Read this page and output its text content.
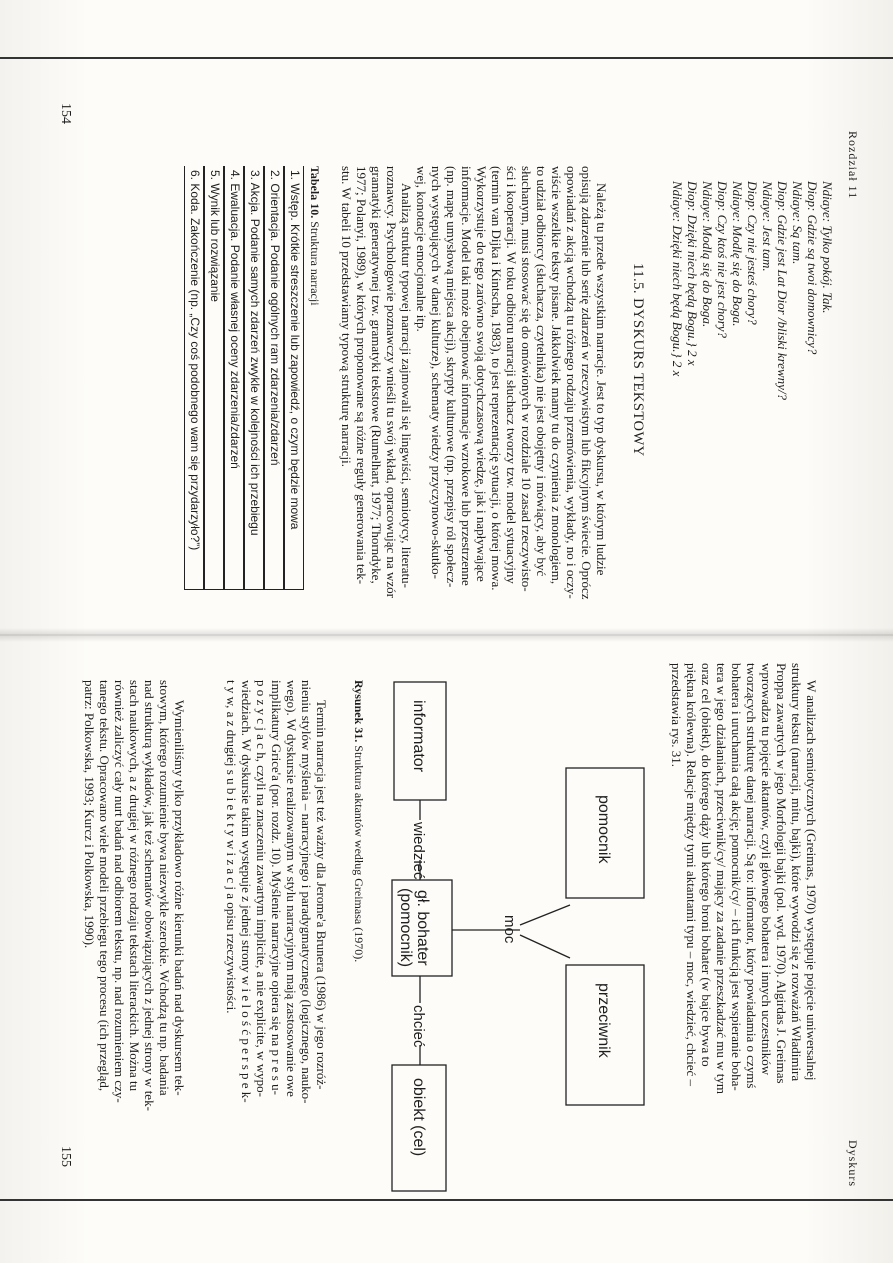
Rozdział 11
Dyskurs
154
155
Ndiaye: Tylko pokój. Tak.
Diop: Gdzie są twoi domownicy?
Ndiaye: Są tam.
Diop: Gdzie jest Lat Dior /bliski krewny/?
Ndiaye: Jest tam.
Diop: Czy nie jesteś chory?
Ndiaye: Modlę się do Boga.
Diop: Czy ktoś nie jest chory?
Ndiaye: Modlą się do Boga.
Diop: Dzięki niech będą Bogu.} 2 x
Ndiaye: Dzięki niech będą Bogu.} 2 x
11.5. DYSKURS TEKSTOWY
Należą tu przede wszystkim narracje. Jest to typ dyskursu, w którym ludzie
opisują zdarzenie lub serię zdarzeń w rzeczywistym lub fikcyjnym świecie. Oprócz
opowiadań z akcją wchodzą tu różnego rodzaju przemówienia, wykłady, no i oczy-
wiście wszelkie teksty pisane. Jakkolwiek mamy tu do czynienia z monologiem,
to udział odbiorcy (słuchacza, czytelnika) nie jest obojętny i mówiący, aby być
słuchanym, musi stosować się do omówionych w rozdziale 10 zasad rzeczywisto-
ści i kooperacji. W toku odbioru narracji słuchacz tworzy tzw. model sytuacyjny
(termin van Dijka i Kintscha, 1983), to jest reprezentację sytuacji, o której mowa.
Wykorzystuje do tego zarówno swoją dotychczasową wiedzę, jak i napływające
informacje. Model taki może obejmować informacje wzrokowe lub przestrzenne
(np. mapę umysłową miejsca akcji), skrypty kulturowe (np. przepisy ról społecz-
nych występujących w danej kulturze), schematy wiedzy przyczynowo-skutko-
wej, konotacje emocjonalne itp.
Analizą struktur typowej narracji zajmowali się lingwiści, semiotycy, literatu-
roznawcy. Psychologowie poznawczy wnieśli tu swój wkład, opracowując na wzór
gramatyki generatywnej tzw. gramatyki tekstowe (Rumelhart, 1977; Thorndyke,
1977; Polanyi, 1989), w których proponowane są różne reguły generowania tek-
stu. W tabeli 10 przedstawiamy typową strukturę narracji.
Tabela 10. Struktura narracji
1. Wstęp. Krótkie streszczenie lub zapowiedź, o czym będzie mowa
2. Orientacja. Podanie ogólnych ram zdarzenia/zdarzeń
3. Akcja. Podanie samych zdarzeń zwykle w kolejności ich przebiegu
4. Ewaluacja. Podanie własnej oceny zdarzenia/zdarzeń
5. Wynik lub rozwiązanie
6. Koda. Zakończenie (np. „Czy coś podobnego wam się przydarzyło?”)
W analizach semiotycznych (Greimas, 1970) występuje pojęcie uniwersalnej
struktury tekstu (narracji, mitu, bajki), które wywodzi się z rozważań Władimira
Proppa zawartych w jego Morfologii bajki (pol. wyd. 1970). Algirdas J. Greimas
wprowadza tu pojęcie aktantów, czyli głównego bohatera i innych uczestników
tworzących strukturę danej narracji. Są to: informator, który powiadamia o czymś
bohatera i uruchamia całą akcję; pomocnik/cy/ – ich funkcją jest wspieranie boha-
tera w jego działaniach, przeciwnik/cy/ mający za zadanie przeszkadzać mu w tym
oraz cel (obiekt), do którego dąży lub którego broni bohater (w bajce bywa to
piękna królewna). Relacje między tymi aktantami typu – moc, wiedzieć, chcieć –
przedstawia rys. 31.
pomocnik
przeciwnik
informator
gł. bohater
(pomocnik)
obiekt (cel)
moc
wiedzieć
chcieć
Rysunek 31. Struktura aktantów według Greimasa (1970).
Termin narracja jest też ważny dla Jerome'a Brunera (1986) w jego rozróż-
nieniu stylów myślenia – narracyjnego i paradygmatycznego (logicznego, nauko-
wego). W dyskursie realizowanym w stylu narracyjnym mają zastosowanie owe
implikatury Grice'a (por. rozdz. 10). Myślenie narracyjne opiera się na p r e s u-
p o z y c j a c h, czyli na znaczeniu zawartym implicite, a nie explicite, w wypo-
wiedziach. W dyskursie takim występuje z jednej strony w i e l o ś ć p e r s p e k-
t y w, a z drugiej s u b i e k t y w i z a c j a opisu rzeczywistości.
Wymieniliśmy tylko przykładowo różne kierunki badań nad dyskursem tek-
stowym, którego rozumienie bywa niezwykle szerokie. Wchodzą tu np. badania
nad strukturą wykładów, jak też schematów obowiązujących z jednej strony w tek-
stach naukowych, a z drugiej w różnego rodzaju tekstach literackich. Można tu
również zaliczyć cały nurt badań nad odbiorem tekstu, np. nad rozumieniem czy-
tanego tekstu. Opracowano wiele modeli przebiegu tego procesu (ich przegląd,
patrz: Polkowska, 1993; Kurcz i Polkowska, 1990).
